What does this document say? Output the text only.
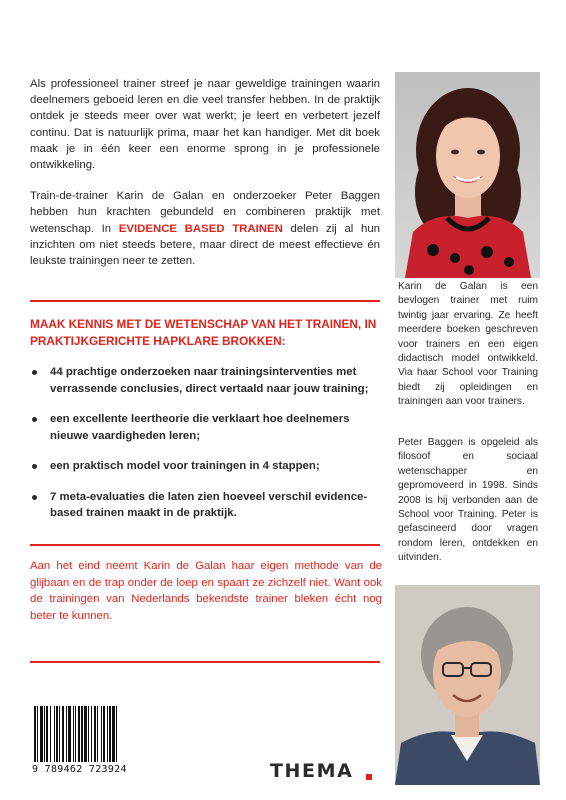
Als professioneel trainer streef je naar geweldige trainingen waarin deelnemers geboeid leren en die veel transfer hebben. In de praktijk ontdek je steeds meer over wat werkt; je leert en verbetert jezelf continu. Dat is natuurlijk prima, maar het kan handiger. Met dit boek maak je in één keer een enorme sprong in je professionele ontwikkeling.

Train-de-trainer Karin de Galan en onderzoeker Peter Baggen hebben hun krachten gebundeld en combineren praktijk met wetenschap. In EVIDENCE BASED TRAINEN delen zij al hun inzichten om niet steeds betere, maar direct de meest effectieve én leukste trainingen neer te zetten.

MAAK KENNIS MET DE WETENSCHAP VAN HET TRAINEN, IN PRAKTIJKGERICHTE HAPKLARE BROKKEN:
44 prachtige onderzoeken naar trainingsinterventies met verrassende conclusies, direct vertaald naar jouw training;
een excellente leertheorie die verklaart hoe deelnemers nieuwe vaardigheden leren;
een praktisch model voor trainingen in 4 stappen;
7 meta-evaluaties die laten zien hoeveel verschil evidence-based trainen maakt in de praktijk.

Aan het eind neemt Karin de Galan haar eigen methode van de glijbaan en de trap onder de loep en spaart ze zichzelf niet. Want ook de trainingen van Nederlands bekendste trainer bleken écht nog beter te kunnen.

9 789462 723924	THEMA

Karin de Galan is een bevlogen trainer met ruim twintig jaar ervaring. Ze heeft meerdere boeken geschreven voor trainers en een eigen didactisch model ontwikkeld. Via haar School voor Training biedt zij opleidingen en trainingen aan voor trainers.

Peter Baggen is opgeleid als filosoof en sociaal wetenschapper en gepromoveerd in 1998. Sinds 2008 is hij verbonden aan de School voor Training. Peter is gefascineerd door vragen rondom leren, ontdekken en uitvinden.
